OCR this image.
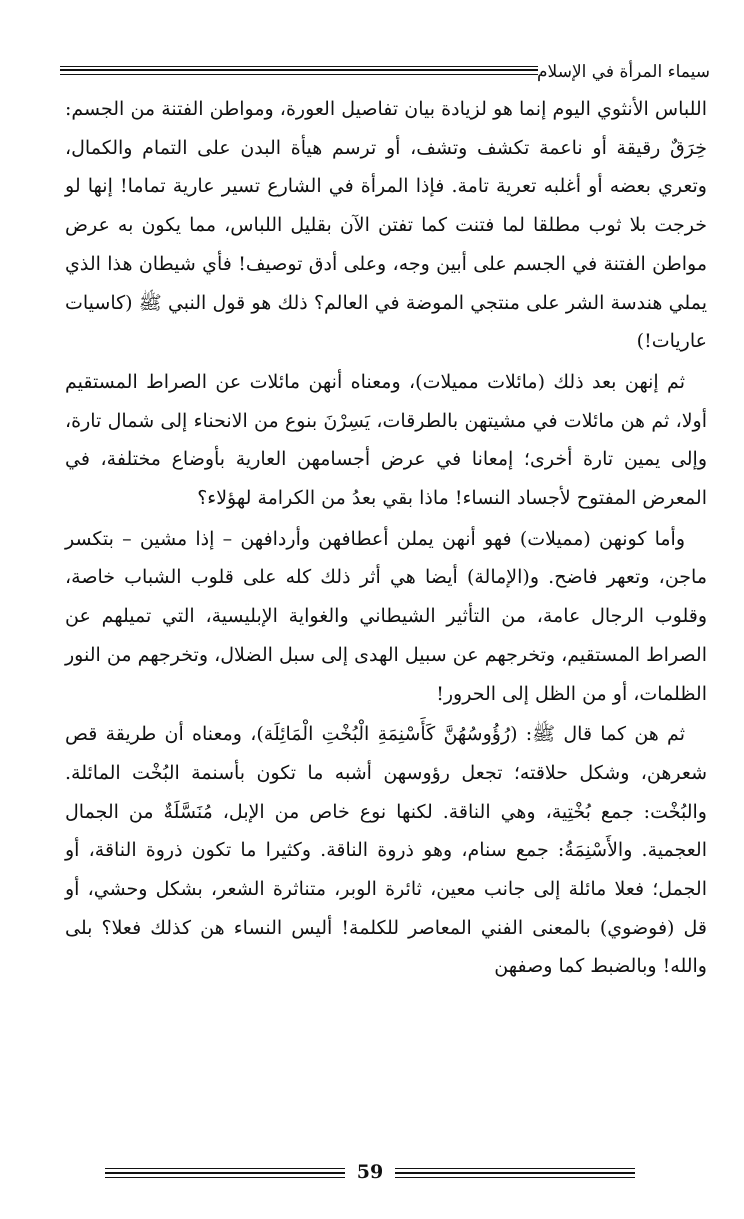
سيماء المرأة في الإسلام

اللباس الأنثوي اليوم إنما هو لزيادة بيان تفاصيل العورة، ومواطن الفتنة من الجسم: خِرَقٌ رقيقة أو ناعمة تكشف وتشف، أو ترسم هيأة البدن على التمام والكمال، وتعري بعضه أو أغلبه تعرية تامة. فإذا المرأة في الشارع تسير عارية تماما! إنها لو خرجت بلا ثوب مطلقا لما فتنت كما تفتن الآن بقليل اللباس، مما يكون به عرض مواطن الفتنة في الجسم على أبين وجه، وعلى أدق توصيف! فأي شيطان هذا الذي يملي هندسة الشر على منتجي الموضة في العالم؟ ذلك هو قول النبي ﷺ (كاسيات عاريات!)

ثم إنهن بعد ذلك (مائلات مميلات)، ومعناه أنهن مائلات عن الصراط المستقيم أولا، ثم هن مائلات في مشيتهن بالطرقات، يَسِرْنَ بنوع من الانحناء إلى شمال تارة، وإلى يمين تارة أخرى؛ إمعانا في عرض أجسامهن العارية بأوضاع مختلفة، في المعرض المفتوح لأجساد النساء! ماذا بقي بعدُ من الكرامة لهؤلاء؟

وأما كونهن (مميلات) فهو أنهن يملن أعطافهن وأردافهن – إذا مشين – بتكسر ماجن، وتعهر فاضح. و(الإمالة) أيضا هي أثر ذلك كله على قلوب الشباب خاصة، وقلوب الرجال عامة، من التأثير الشيطاني والغواية الإبليسية، التي تميلهم عن الصراط المستقيم، وتخرجهم عن سبيل الهدى إلى سبل الضلال، وتخرجهم من النور الظلمات، أو من الظل إلى الحرور!

ثم هن كما قال ﷺ: (رُؤُوسُهُنَّ كَأَسْنِمَةِ الْبُخْتِ الْمَائِلَة)، ومعناه أن طريقة قص شعرهن، وشكل حلاقته؛ تجعل رؤوسهن أشبه ما تكون بأسنمة البُخْت المائلة. والبُخْت: جمع بُخْتِية، وهي الناقة. لكنها نوع خاص من الإبل، مُنَسَّلَةٌ من الجمال العجمية. والأَسْنِمَةُ: جمع سنام، وهو ذروة الناقة. وكثيرا ما تكون ذروة الناقة، أو الجمل؛ فعلا مائلة إلى جانب معين، ثائرة الوبر، متناثرة الشعر، بشكل وحشي، أو قل (فوضوي) بالمعنى الفني المعاصر للكلمة! أليس النساء هن كذلك فعلا؟ بلى والله! وبالضبط كما وصفهن

59
